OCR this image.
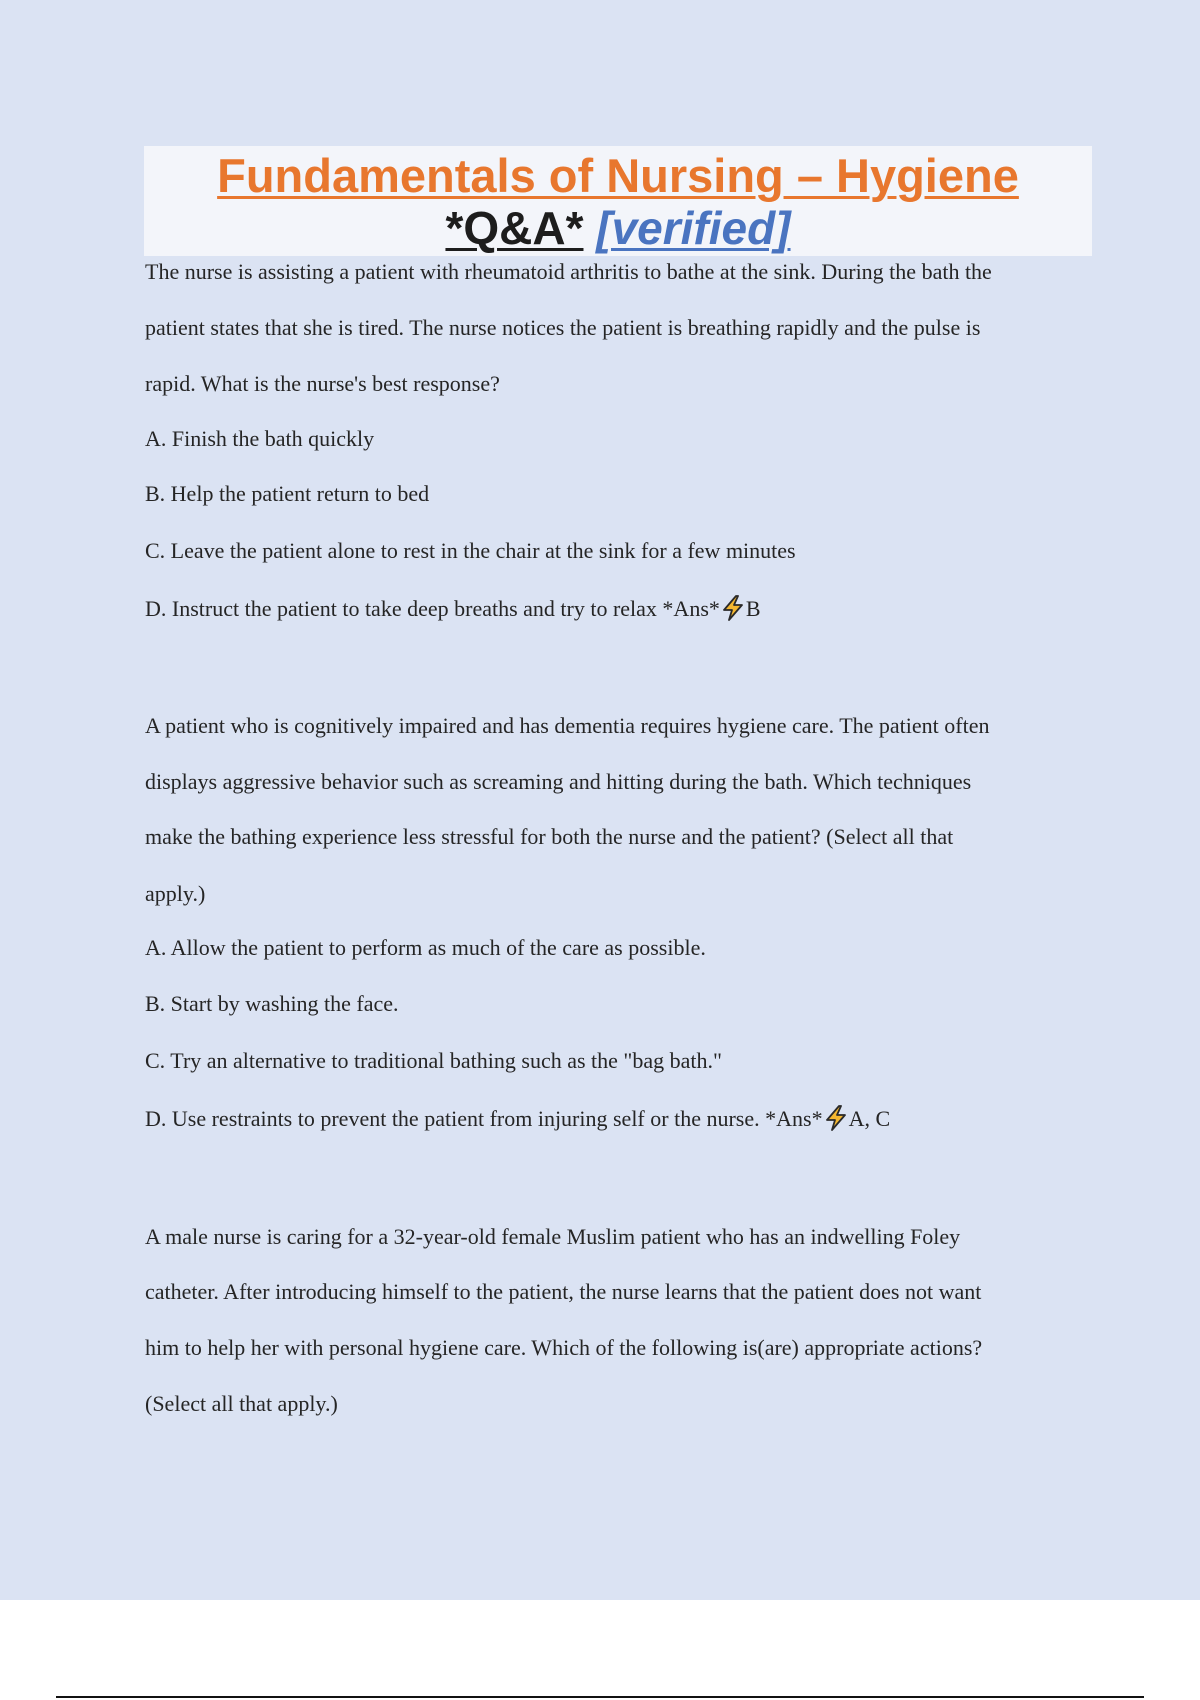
Fundamentals of Nursing – Hygiene
*Q&A* [verified]
The nurse is assisting a patient with rheumatoid arthritis to bathe at the sink. During the bath the
patient states that she is tired. The nurse notices the patient is breathing rapidly and the pulse is
rapid. What is the nurse's best response?
A. Finish the bath quickly
B. Help the patient return to bed
C. Leave the patient alone to rest in the chair at the sink for a few minutes
D. Instruct the patient to take deep breaths and try to relax *Ans* B
A patient who is cognitively impaired and has dementia requires hygiene care. The patient often
displays aggressive behavior such as screaming and hitting during the bath. Which techniques
make the bathing experience less stressful for both the nurse and the patient? (Select all that
apply.)
A. Allow the patient to perform as much of the care as possible.
B. Start by washing the face.
C. Try an alternative to traditional bathing such as the "bag bath."
D. Use restraints to prevent the patient from injuring self or the nurse. *Ans* A, C
A male nurse is caring for a 32-year-old female Muslim patient who has an indwelling Foley
catheter. After introducing himself to the patient, the nurse learns that the patient does not want
him to help her with personal hygiene care. Which of the following is(are) appropriate actions?
(Select all that apply.)
